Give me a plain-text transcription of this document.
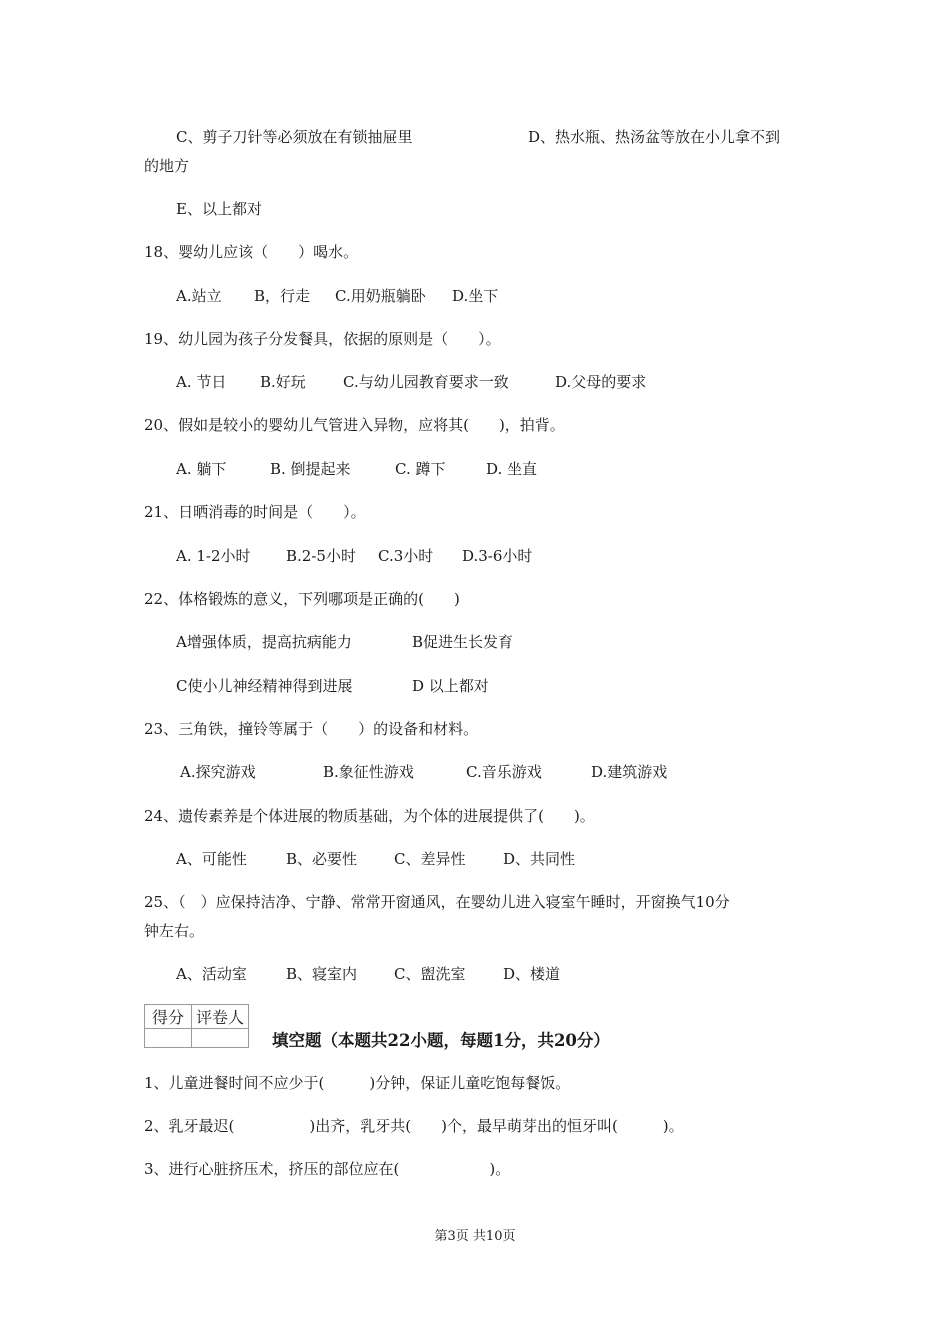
C、剪子刀针等必须放在有锁抽屉里	D、热水瓶、热汤盆等放在小儿拿不到
的地方
E、以上都对
18、婴幼儿应该（　　）喝水。
A.站立 B，行走 C.用奶瓶躺卧 D.坐下
19、幼儿园为孩子分发餐具，依据的原则是（　　）。
A. 节日 B.好玩 C.与幼儿园教育要求一致	D.父母的要求
20、假如是较小的婴幼儿气管进入异物，应将其(　　)，拍背。
A. 躺下	B. 倒提起来	C. 蹲下	D. 坐直
21、日晒消毒的时间是（　　）。
A. 1-2小时 B.2-5小时 C.3小时 D.3-6小时
22、体格锻炼的意义，下列哪项是正确的(　　)
A增强体质，提高抗病能力	B促进生长发育
C使小儿神经精神得到进展	D 以上都对
23、三角铁，撞铃等属于（　　）的设备和材料。
A.探究游戏	B.象征性游戏	C.音乐游戏	D.建筑游戏
24、遗传素养是个体进展的物质基础，为个体的进展提供了(　　)。
A、可能性	B、必要性 C、差异性	D、共同性
25、（　）应保持洁净、宁静、常常开窗通风，在婴幼儿进入寝室午睡时，开窗换气10分
钟左右。
A、活动室	B、寝室内 C、盥洗室	D、楼道
得分	评卷人

填空题（本题共22小题，每题1分，共20分）
1、儿童进餐时间不应少于(　　　)分钟，保证儿童吃饱每餐饭。
2、乳牙最迟(　　　　　)出齐，乳牙共(　　)个，最早萌芽出的恒牙叫(　　　)。
3、进行心脏挤压术，挤压的部位应在(　　　　　　)。
第3页 共10页
